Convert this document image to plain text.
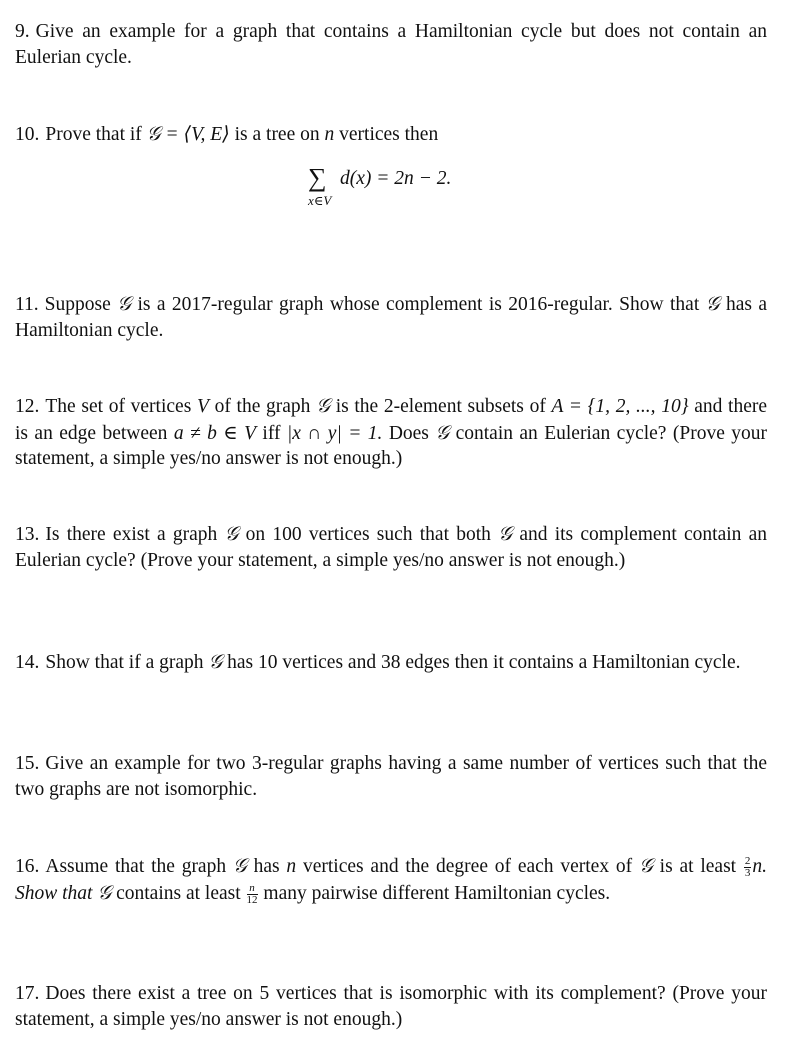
9. Give an example for a graph that contains a Hamiltonian cycle but does not contain an Eulerian cycle.

10. Prove that if 𝒢 = ⟨V, E⟩ is a tree on n vertices then

∑
x∈V
d(x) = 2n − 2.

11. Suppose 𝒢 is a 2017-regular graph whose complement is 2016-regular. Show that 𝒢 has a Hamiltonian cycle.

12. The set of vertices V of the graph 𝒢 is the 2-element subsets of A = {1, 2, ..., 10} and there is an edge between a ≠ b ∈ V iff |x ∩ y| = 1. Does 𝒢 contain an Eulerian cycle? (Prove your statement, a simple yes/no answer is not enough.)

13. Is there exist a graph 𝒢 on 100 vertices such that both 𝒢 and its complement contain an Eulerian cycle? (Prove your statement, a simple yes/no answer is not enough.)

14. Show that if a graph 𝒢 has 10 vertices and 38 edges then it contains a Hamiltonian cycle.

15. Give an example for two 3-regular graphs having a same number of vertices such that the two graphs are not isomorphic.

16. Assume that the graph 𝒢 has n vertices and the degree of each vertex of 𝒢 is at least $\frac{2}{3} n$. Show that 𝒢 contains at least $\frac{n}{12}$ many pairwise different Hamiltonian cycles.

17. Does there exist a tree on 5 vertices that is isomorphic with its complement? (Prove your statement, a simple yes/no answer is not enough.)
